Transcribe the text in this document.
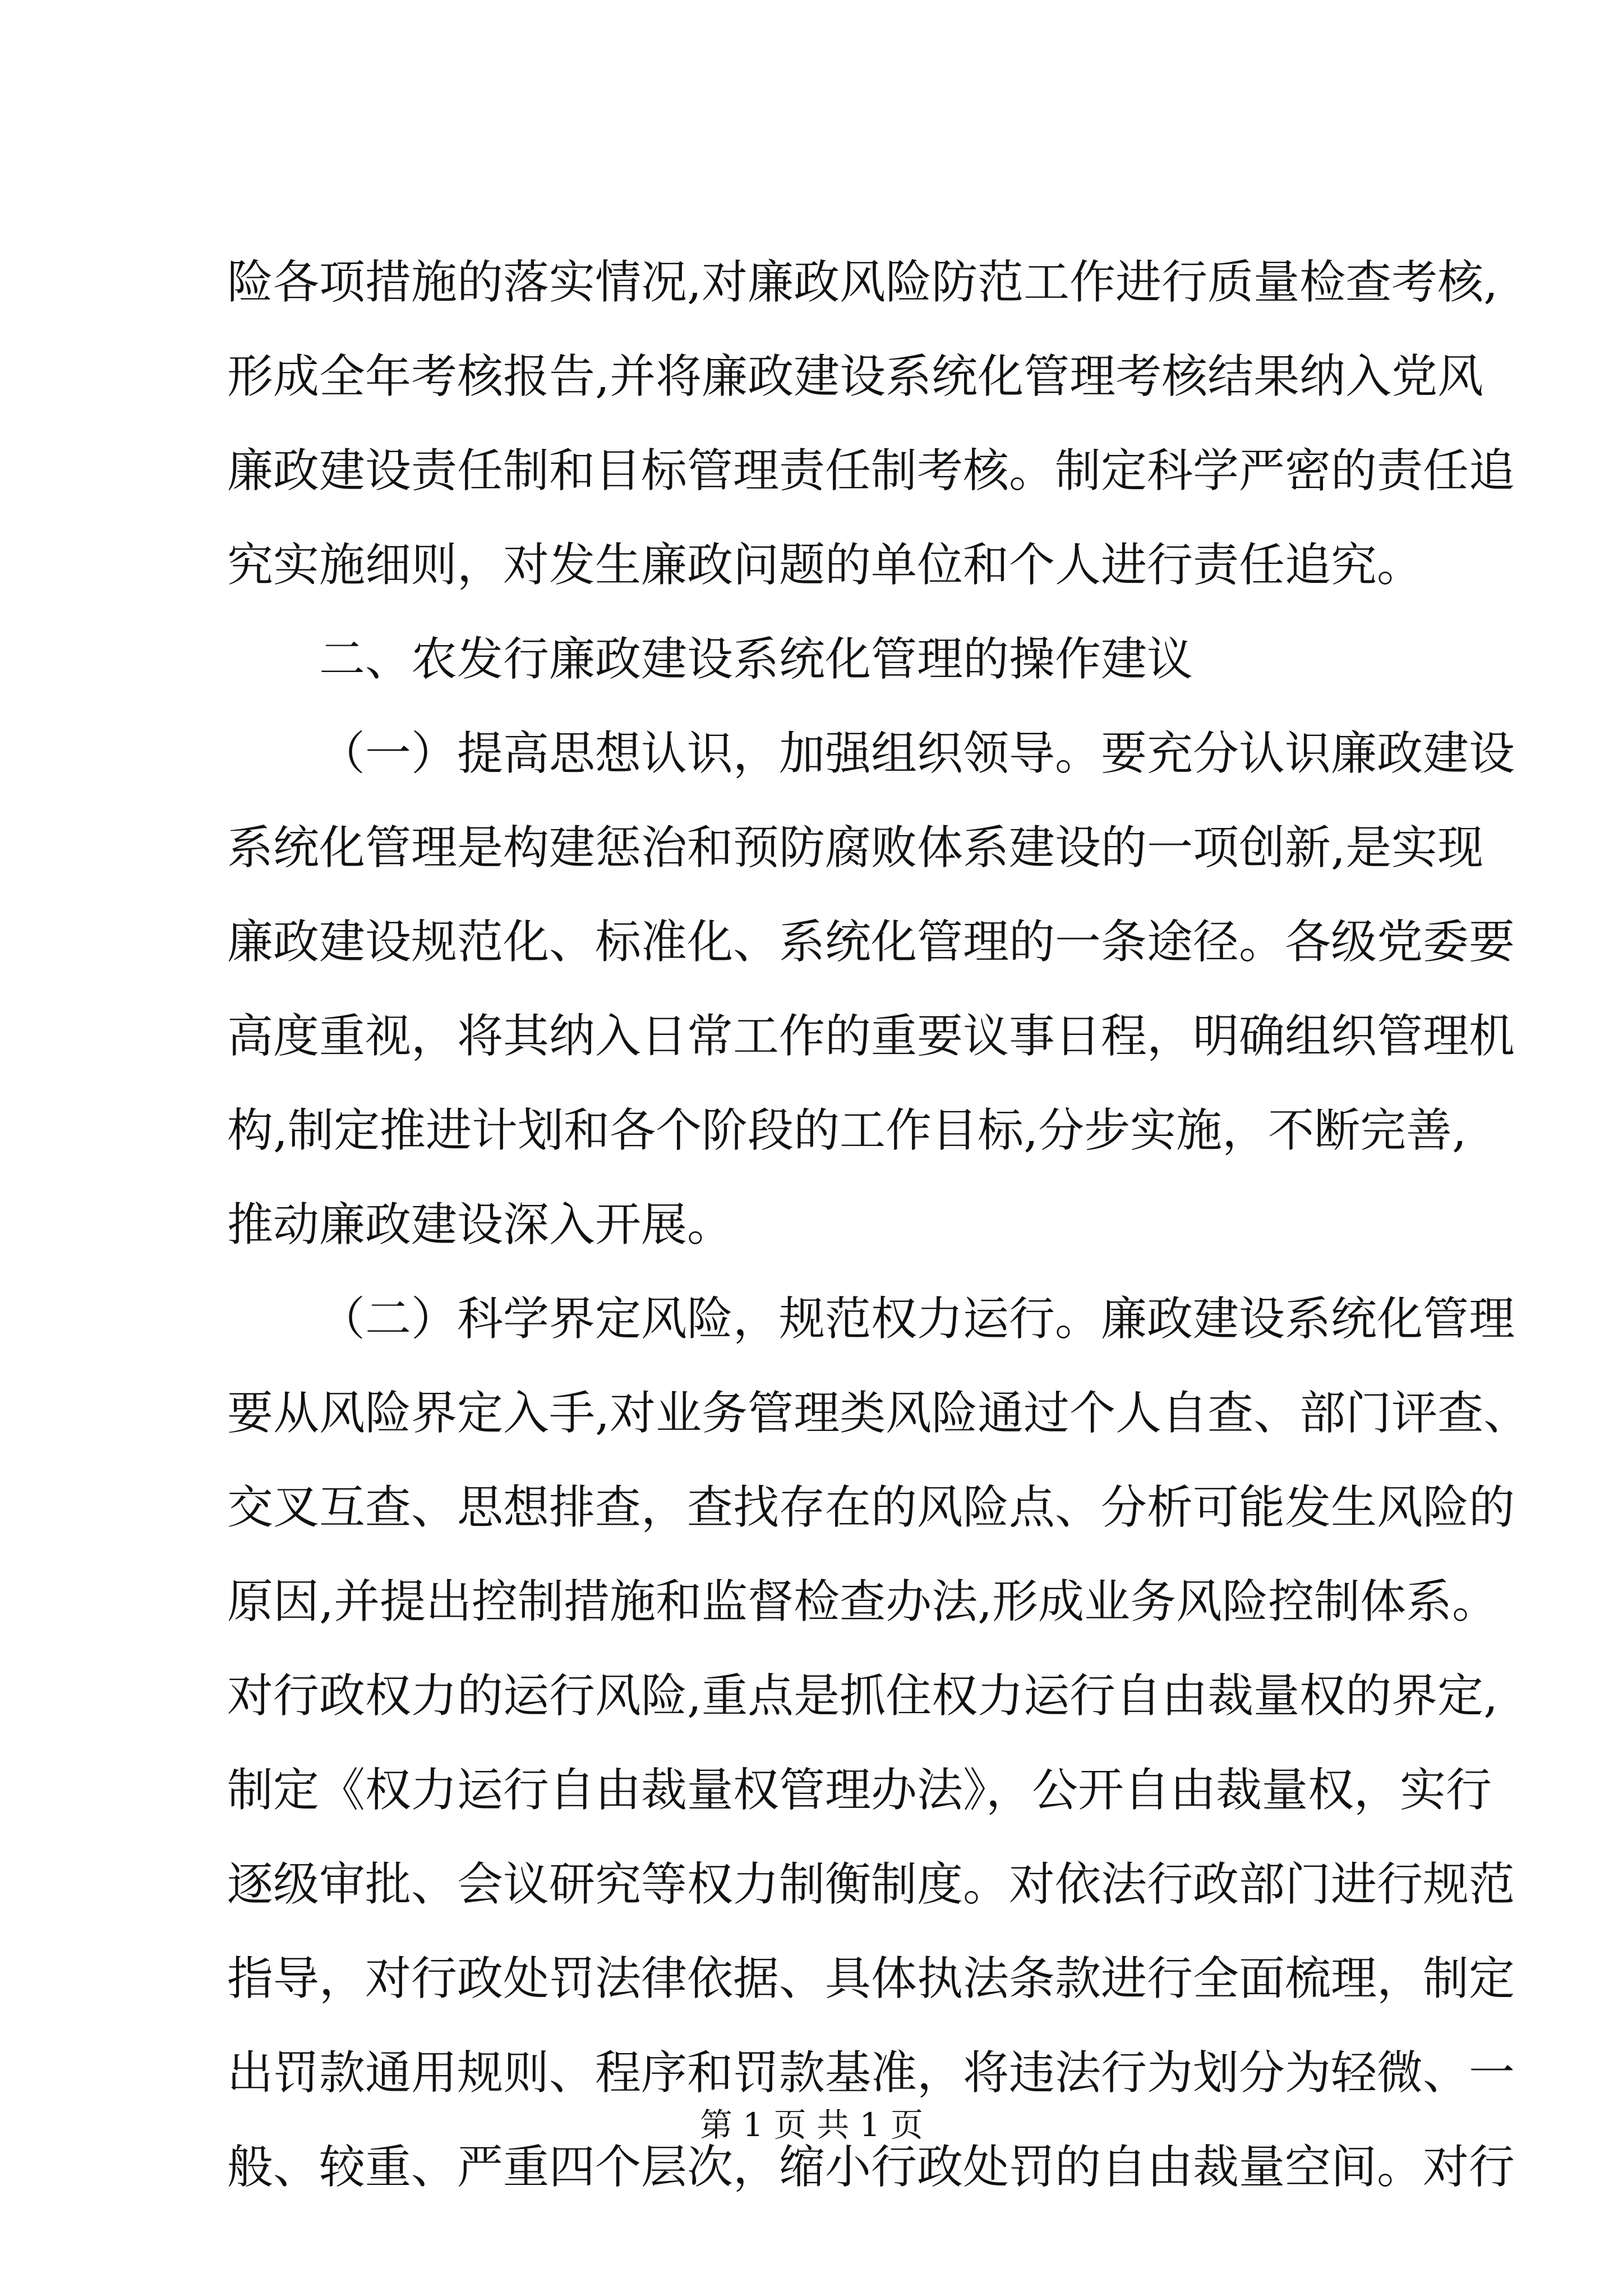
险各项措施的落实情况,对廉政风险防范工作进行质量检查考核,
形成全年考核报告,并将廉政建设系统化管理考核结果纳入党风
廉政建设责任制和目标管理责任制考核。制定科学严密的责任追
究实施细则，对发生廉政问题的单位和个人进行责任追究。
二、农发行廉政建设系统化管理的操作建议
（一）提高思想认识，加强组织领导。要充分认识廉政建设
系统化管理是构建惩治和预防腐败体系建设的一项创新,是实现
廉政建设规范化、标准化、系统化管理的一条途径。各级党委要
高度重视，将其纳入日常工作的重要议事日程，明确组织管理机
构,制定推进计划和各个阶段的工作目标,分步实施，不断完善,
推动廉政建设深入开展。
（二）科学界定风险，规范权力运行。廉政建设系统化管理
要从风险界定入手,对业务管理类风险通过个人自查、部门评查、
交叉互查、思想排查，查找存在的风险点、分析可能发生风险的
原因,并提出控制措施和监督检查办法,形成业务风险控制体系。
对行政权力的运行风险,重点是抓住权力运行自由裁量权的界定,
制定《权力运行自由裁量权管理办法》，公开自由裁量权，实行
逐级审批、会议研究等权力制衡制度。对依法行政部门进行规范
指导，对行政处罚法律依据、具体执法条款进行全面梳理，制定
出罚款通用规则、程序和罚款基准，将违法行为划分为轻微、一
般、较重、严重四个层次，缩小行政处罚的自由裁量空间。对行
第 1 页 共 1 页
